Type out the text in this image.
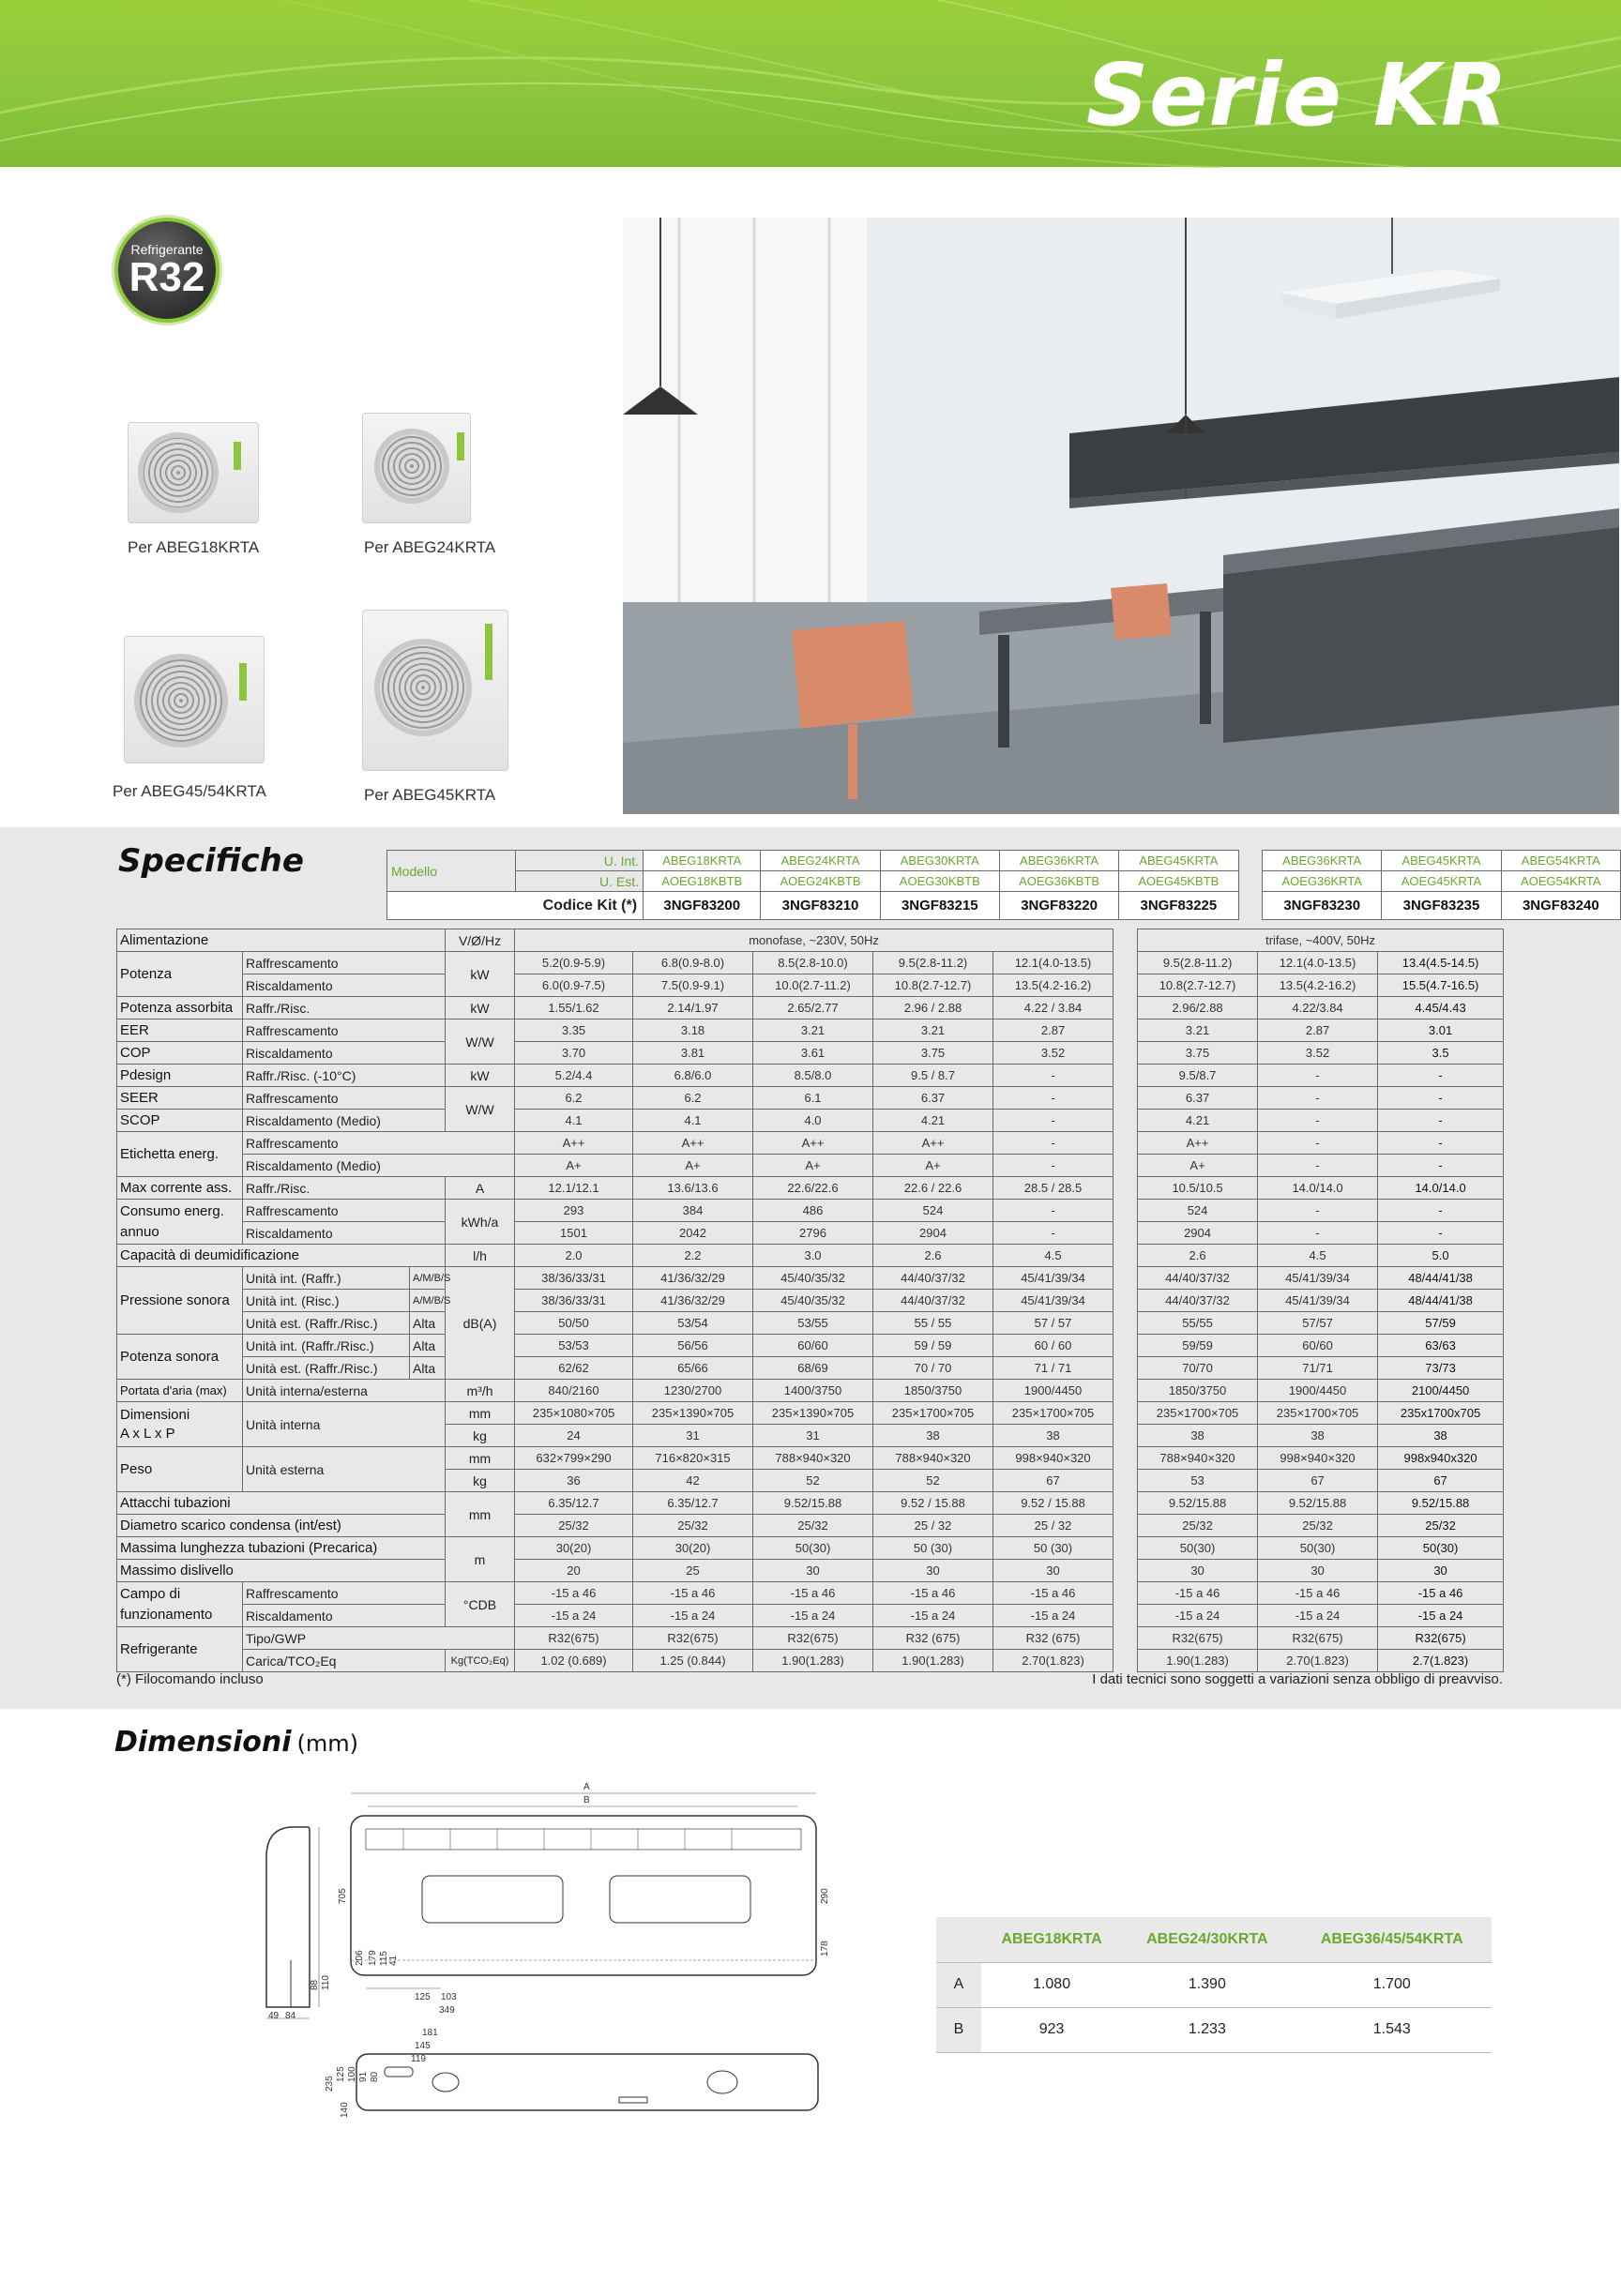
Serie KR
Refrigerante
R32
Per ABEG18KRTA	Per ABEG24KRTA
Per ABEG45/54KRTA	Per ABEG45KRTA
Specifiche	Modello	U. Int.	ABEG18KRTA	ABEG24KRTA	ABEG30KRTA	ABEG36KRTA	ABEG45KRTA		ABEG36KRTA	ABEG45KRTA	ABEG54KRTA
	U. Est.	AOEG18KBTB	AOEG24KBTB	AOEG30KBTB	AOEG36KBTB	AOEG45KBTB		AOEG36KRTA	AOEG45KRTA	AOEG54KRTA
Codice Kit (*)		3NGF83200	3NGF83210	3NGF83215	3NGF83220	3NGF83225		3NGF83230	3NGF83235	3NGF83240
Alimentazione			V/Ø/Hz	monofase, ~230V, 50Hz						trifase, ~400V, 50Hz		
Potenza	Raffrescamento		kW	5.2(0.9-5.9)	6.8(0.9-8.0)	8.5(2.8-10.0)	9.5(2.8-11.2)	12.1(4.0-13.5)		9.5(2.8-11.2)	12.1(4.0-13.5)	13.4(4.5-14.5)
	Riscaldamento			6.0(0.9-7.5)	7.5(0.9-9.1)	10.0(2.7-11.2)	10.8(2.7-12.7)	13.5(4.2-16.2)		10.8(2.7-12.7)	13.5(4.2-16.2)	15.5(4.7-16.5)
Potenza assorbita	Raffr./Risc.		kW	1.55/1.62	2.14/1.97	2.65/2.77	2.96 / 2.88	4.22 / 3.84		2.96/2.88	4.22/3.84	4.45/4.43
EER	Raffrescamento		W/W	3.35	3.18	3.21	3.21	2.87		3.21	2.87	3.01
COP	Riscaldamento			3.70	3.81	3.61	3.75	3.52		3.75	3.52	3.5
Pdesign	Raffr./Risc. (-10°C)		kW	5.2/4.4	6.8/6.0	8.5/8.0	9.5 / 8.7	-		9.5/8.7	-	-
SEER	Raffrescamento		W/W	6.2	6.2	6.1	6.37	-		6.37	-	-
SCOP	Riscaldamento (Medio)			4.1	4.1	4.0	4.21	-		4.21	-	-
Etichetta energ.	Raffrescamento			A++	A++	A++	A++	-		A++	-	-
	Riscaldamento (Medio)			A+	A+	A+	A+	-		A+	-	-
Max corrente ass.	Raffr./Risc.		A	12.1/12.1	13.6/13.6	22.6/22.6	22.6 / 22.6	28.5 / 28.5		10.5/10.5	14.0/14.0	14.0/14.0
Consumo energ. annuo	Raffrescamento		kWh/a	293	384	486	524	-		524	-	-
	Riscaldamento			1501	2042	2796	2904	-		2904	-	-
Capacità di deumidificazione			l/h	2.0	2.2	3.0	2.6	4.5		2.6	4.5	5.0
Pressione sonora	Unità int. (Raffr.)	A/M/B/S	dB(A)	38/36/33/31	41/36/32/29	45/40/35/32	44/40/37/32	45/41/39/34		44/40/37/32	45/41/39/34	48/44/41/38
	Unità int. (Risc.)	A/M/B/S		38/36/33/31	41/36/32/29	45/40/35/32	44/40/37/32	45/41/39/34		44/40/37/32	45/41/39/34	48/44/41/38
	Unità est. (Raffr./Risc.)	Alta		50/50	53/54	53/55	55 / 55	57 / 57		55/55	57/57	57/59
Potenza sonora	Unità int. (Raffr./Risc.)	Alta		53/53	56/56	60/60	59 / 59	60 / 60		59/59	60/60	63/63
	Unità est. (Raffr./Risc.)	Alta		62/62	65/66	68/69	70 / 70	71 / 71		70/70	71/71	73/73
Portata d'aria (max)	Unità interna/esterna		m³/h	840/2160	1230/2700	1400/3750	1850/3750	1900/4450		1850/3750	1900/4450	2100/4450
Dimensioni
A x L x P	Unità interna		mm	235×1080×705	235×1390×705	235×1390×705	235×1700×705	235×1700×705		235×1700×705	235×1700×705	235x1700x705
			kg	24	31	31	38	38		38	38	38
Peso	Unità esterna		mm	632×799×290	716×820×315	788×940×320	788×940×320	998×940×320		788×940×320	998×940×320	998x940x320
			kg	36	42	52	52	67		53	67	67
Attacchi tubazioni			mm	6.35/12.7	6.35/12.7	9.52/15.88	9.52 / 15.88	9.52 / 15.88		9.52/15.88	9.52/15.88	9.52/15.88
Diametro scarico condensa (int/est)				25/32	25/32	25/32	25 / 32	25 / 32		25/32	25/32	25/32
Massima lunghezza tubazioni (Precarica)			m	30(20)	30(20)	50(30)	50 (30)	50 (30)		50(30)	50(30)	50(30)
Massimo dislivello				20	25	30	30	30		30	30	30
Campo di funzionamento	Raffrescamento		°CDB	-15 a 46	-15 a 46	-15 a 46	-15 a 46	-15 a 46		-15 a 46	-15 a 46	-15 a 46
	Riscaldamento			-15 a 24	-15 a 24	-15 a 24	-15 a 24	-15 a 24		-15 a 24	-15 a 24	-15 a 24
Refrigerante	Tipo/GWP			R32(675)	R32(675)	R32(675)	R32 (675)	R32 (675)		R32(675)	R32(675)	R32(675)
	Carica/TCO₂Eq		Kg(TCO₂Eq)	1.02 (0.689)	1.25 (0.844)	1.90(1.283)	1.90(1.283)	2.70(1.823)		1.90(1.283)	2.70(1.823)	2.7(1.823)
(*) Filocomando incluso	I dati tecnici sono soggetti a variazioni senza obbligo di preavviso.
Dimensioni (mm)
A
B
705
206 179 115 41
110
88
290
178
49 84
125 103
349
181
145
119
235
125 100 91 80
140
	ABEG18KRTA	ABEG24/30KRTA	ABEG36/45/54KRTA
A	1.080	1.390	1.700
B	923	1.233	1.543
